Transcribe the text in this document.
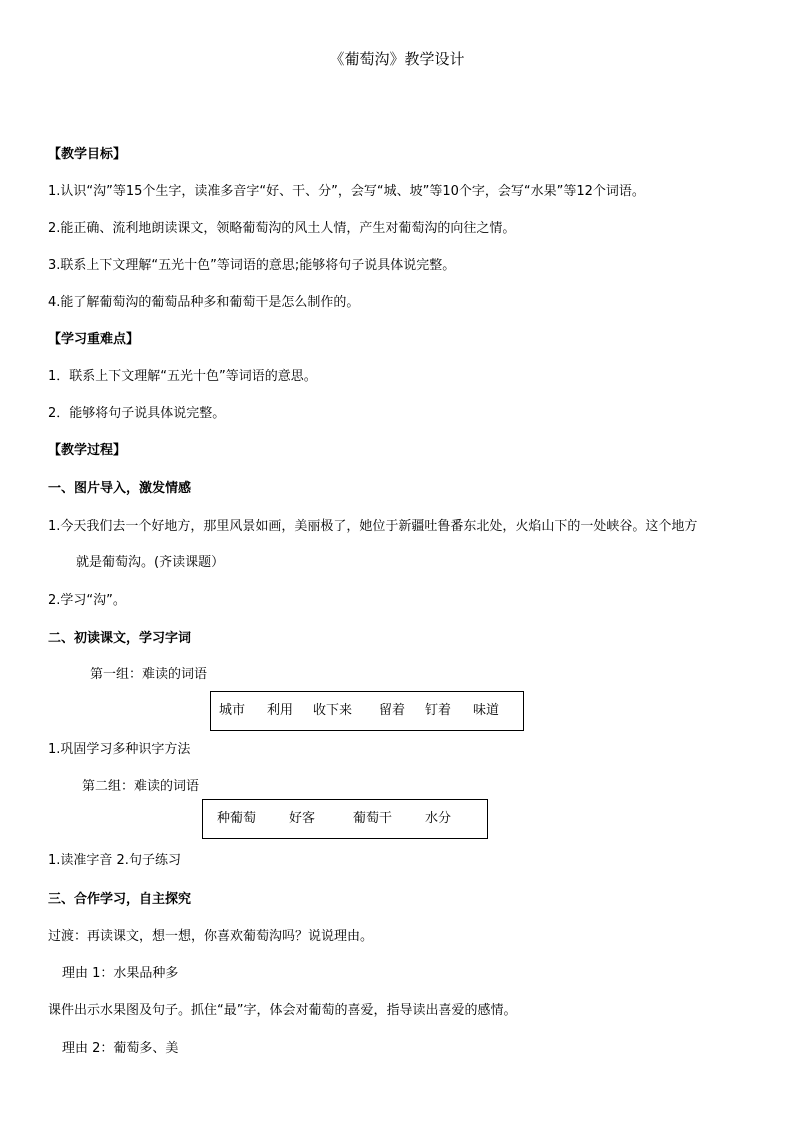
《葡萄沟》教学设计
【教学目标】
1.认识“沟”等15个生字，读准多音字“好、干、分”，会写“城、坡”等10个字，会写“水果”等12个词语。
2.能正确、流利地朗读课文，领略葡萄沟的风土人情，产生对葡萄沟的向往之情。
3.联系上下文理解“五光十色”等词语的意思;能够将句子说具体说完整。
4.能了解葡萄沟的葡萄品种多和葡萄干是怎么制作的。
【学习重难点】
1．联系上下文理解“五光十色”等词语的意思。
2．能够将句子说具体说完整。
【教学过程】
一、图片导入，激发情感
1.今天我们去一个好地方，那里风景如画，美丽极了，她位于新疆吐鲁番东北处，火焰山下的一处峡谷。这个地方
就是葡萄沟。(齐读课题）
2.学习“沟”。
二、初读课文，学习字词
第一组：难读的词语
城市 利用 收下来 留着 钉着 味道
1.巩固学习多种识字方法
第二组：难读的词语
种葡萄	好客	葡萄干	水分
1.读准字音 2.句子练习
三、合作学习，自主探究
过渡：再读课文，想一想，你喜欢葡萄沟吗？说说理由。
理由 1：水果品种多
课件出示水果图及句子。抓住“最”字，体会对葡萄的喜爱，指导读出喜爱的感情。
理由 2：葡萄多、美
